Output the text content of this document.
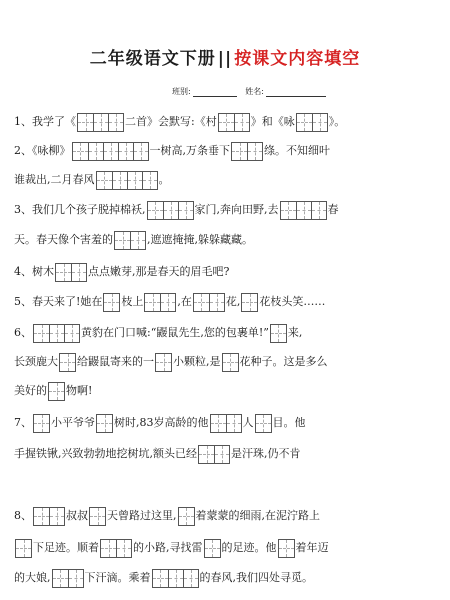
二年级语文下册 || 按课文内容填空
班别:	姓名:
1、我学了《	二首》会默写:《村	》和《咏	》。
2、《咏柳》	一树高,万条垂下	绦。不知细叶
谁裁出,二月春风	。
3、我们几个孩子脱掉棉袄,	家门,奔向田野,去	春
天。春天像个害羞的	,遮遮掩掩,躲躲藏藏。
4、树木	点点嫩芽,那是春天的眉毛吧?
5、春天来了!她在 枝上	,在	花, 花枝头笑……
6、	黄豹在门口喊:“鼹鼠先生,您的包裹单!” 来,
长颈鹿大 给鼹鼠寄来的一 小颗粒,是 花种子。这是多么
美好的 物啊!
7、 小平爷爷 树时,83岁高龄的他	人 目。他
手握铁锹,兴致勃勃地挖树坑,额头已经	是汗珠,仍不肯
8、	叔叔 天曾路过这里, 着蒙蒙的细雨,在泥泞路上
下足迹。顺着	的小路,寻找雷 的足迹。他 着年迈
的大娘,	下汗滴。乘着	的春风,我们四处寻觅。
